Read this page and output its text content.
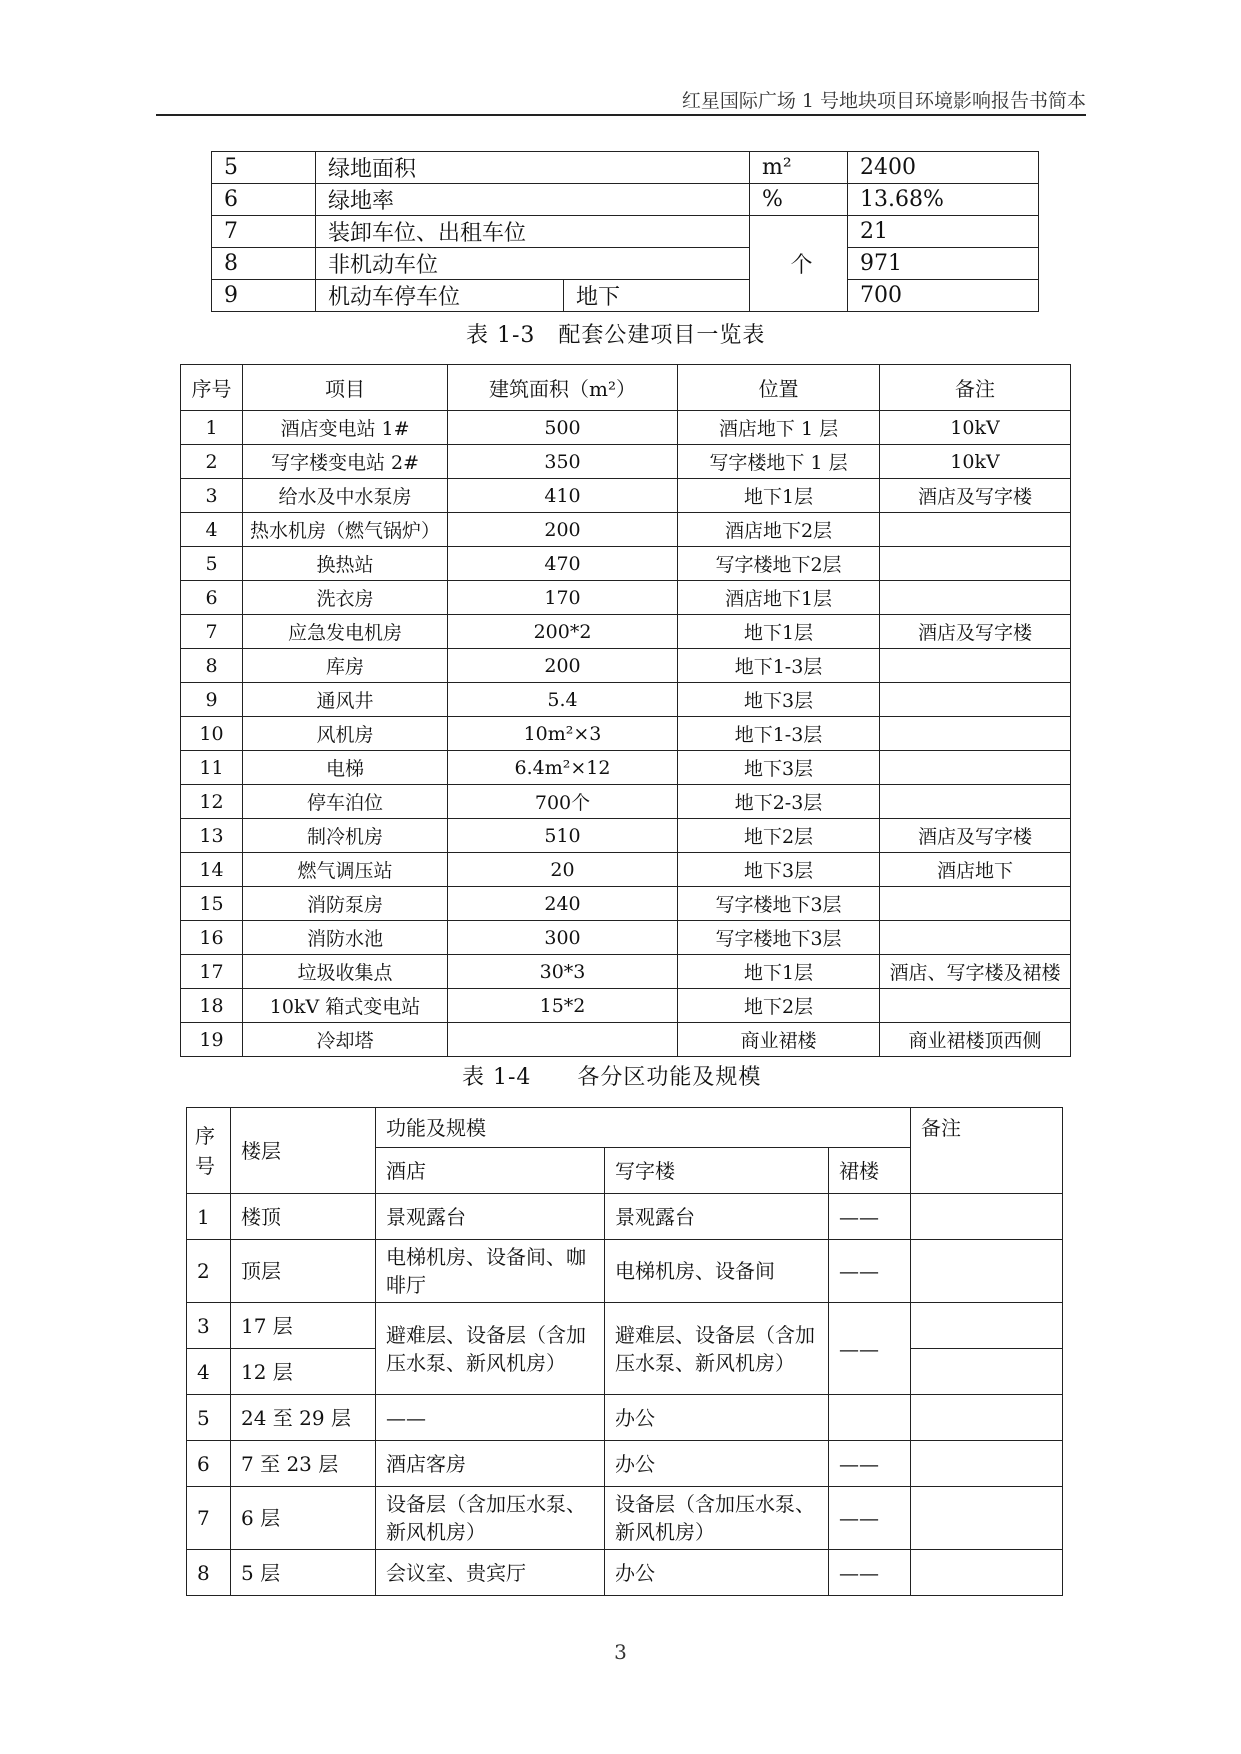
红星国际广场 1 号地块项目环境影响报告书简本
5	绿地面积		m²	2400
6	绿地率		%	13.68%
7	装卸车位、出租车位		个	21
8	非机动车位			971
9	机动车停车位	地下		700
表 1-3　配套公建项目一览表
序号	项目	建筑面积（m²）	位置	备注
1	酒店变电站 1#	500	酒店地下 1 层	10kV
2	写字楼变电站 2#	350	写字楼地下 1 层	10kV
3	给水及中水泵房	410	地下1层	酒店及写字楼
4	热水机房（燃气锅炉）	200	酒店地下2层	
5	换热站	470	写字楼地下2层	
6	洗衣房	170	酒店地下1层	
7	应急发电机房	200*2	地下1层	酒店及写字楼
8	库房	200	地下1-3层	
9	通风井	5.4	地下3层	
10	风机房	10m²×3	地下1-3层	
11	电梯	6.4m²×12	地下3层	
12	停车泊位	700个	地下2-3层	
13	制冷机房	510	地下2层	酒店及写字楼
14	燃气调压站	20	地下3层	酒店地下
15	消防泵房	240	写字楼地下3层	
16	消防水池	300	写字楼地下3层	
17	垃圾收集点	30*3	地下1层	酒店、写字楼及裙楼
18	10kV 箱式变电站	15*2	地下2层	
19	冷却塔		商业裙楼	商业裙楼顶西侧
表 1-4　　各分区功能及规模
序号	楼层	功能及规模			备注
		酒店	写字楼	裙楼	
1	楼顶	景观露台	景观露台	——	
2	顶层	电梯机房、设备间、咖啡厅	电梯机房、设备间	——	
3	17 层	避难层、设备层（含加压水泵、新风机房）	避难层、设备层（含加压水泵、新风机房）	——	
4	12 层				
5	24 至 29 层	——	办公		
6	7 至 23 层	酒店客房	办公	——	
7	6 层	设备层（含加压水泵、新风机房）	设备层（含加压水泵、新风机房）	——	
8	5 层	会议室、贵宾厅	办公	——	
3
